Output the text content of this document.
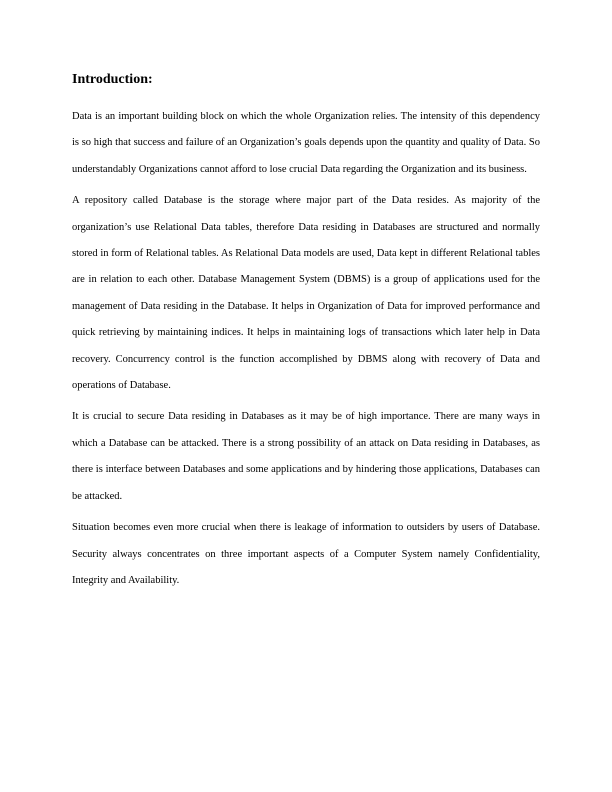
Introduction:

Data is an important building block on which the whole Organization relies. The intensity of this dependency is so high that success and failure of an Organization’s goals depends upon the quantity and quality of Data. So understandably Organizations cannot afford to lose crucial Data regarding the Organization and its business.

A repository called Database is the storage where major part of the Data resides. As majority of the organization’s use Relational Data tables, therefore Data residing in Databases are structured and normally stored in form of Relational tables. As Relational Data models are used, Data kept in different Relational tables are in relation to each other. Database Management System (DBMS) is a group of applications used for the management of Data residing in the Database. It helps in Organization of Data for improved performance and quick retrieving by maintaining indices. It helps in maintaining logs of transactions which later help in Data recovery. Concurrency control is the function accomplished by DBMS along with recovery of Data and operations of Database.

It is crucial to secure Data residing in Databases as it may be of high importance. There are many ways in which a Database can be attacked. There is a strong possibility of an attack on Data residing in Databases, as there is interface between Databases and some applications and by hindering those applications, Databases can be attacked.

Situation becomes even more crucial when there is leakage of information to outsiders by users of Database. Security always concentrates on three important aspects of a Computer System namely Confidentiality, Integrity and Availability.
